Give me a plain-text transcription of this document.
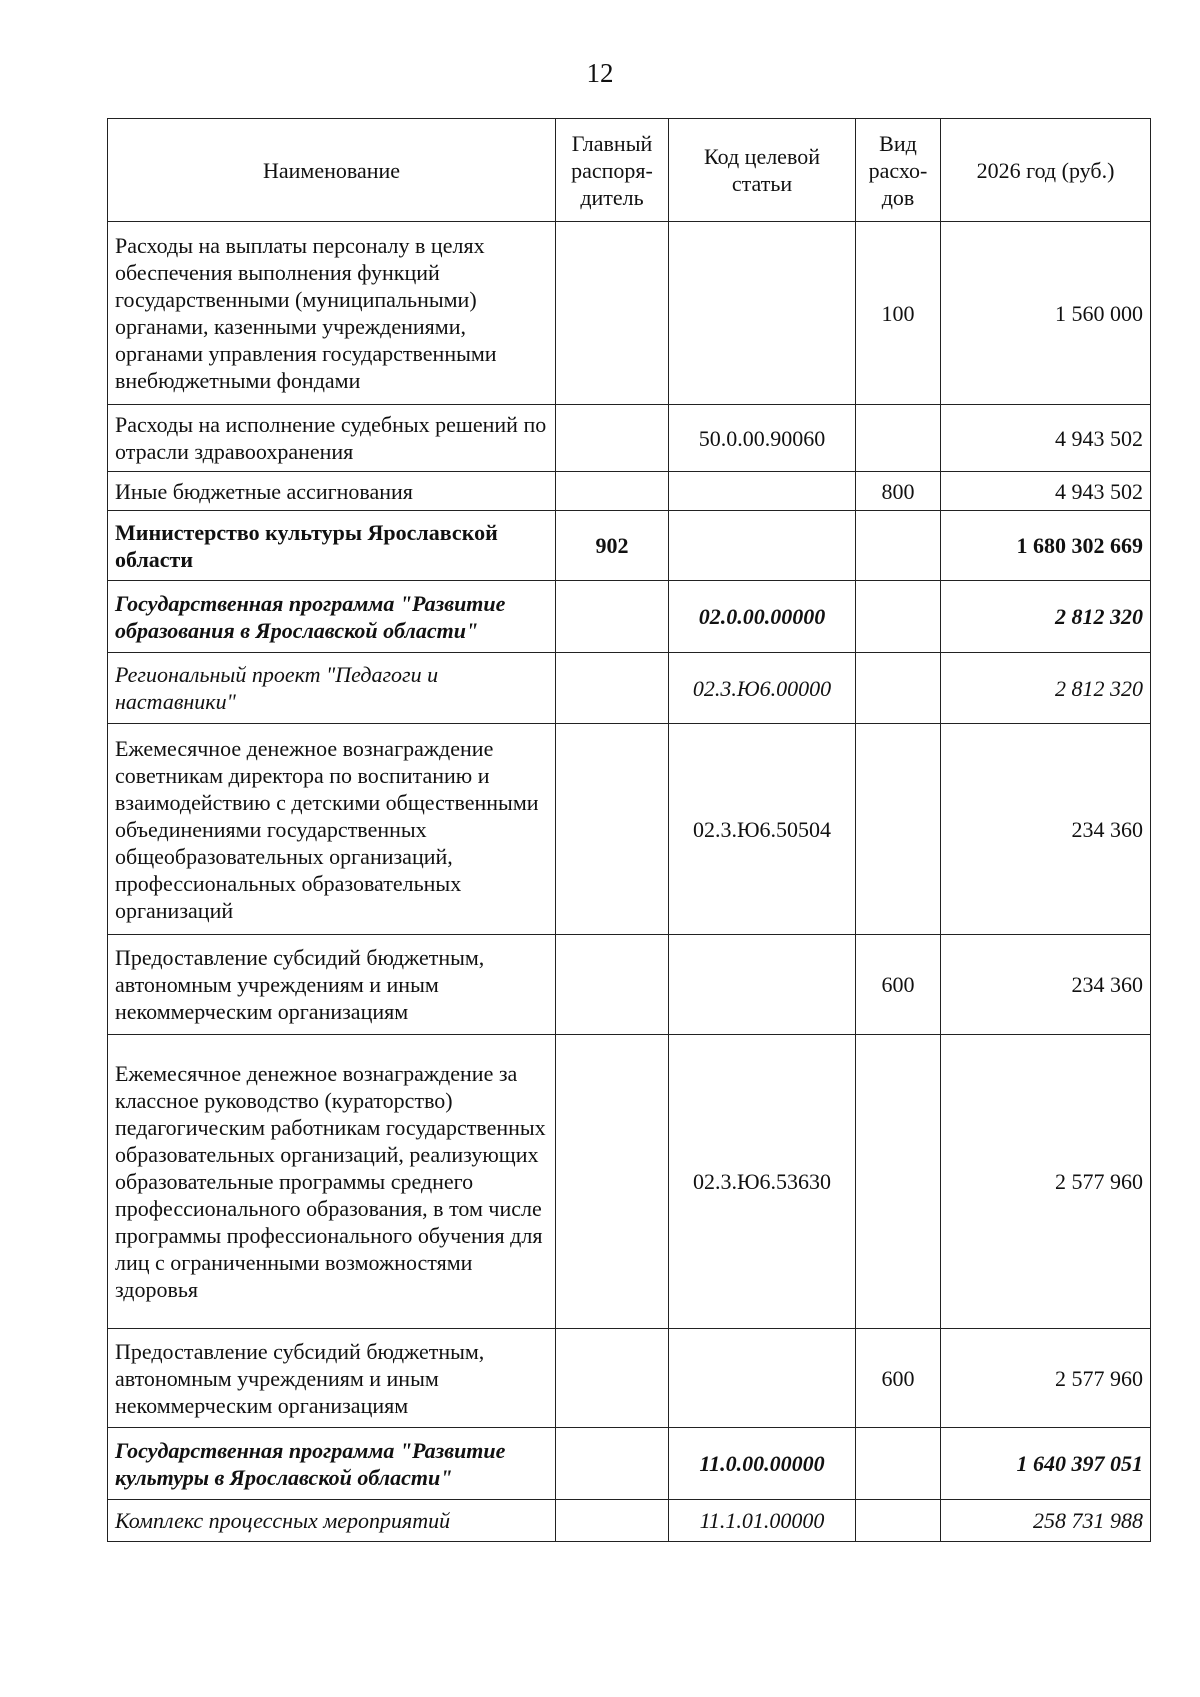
12
Наименование	Главный распоря-дитель	Код целевой статьи	Вид расхо-дов	2026 год (руб.)
Расходы на выплаты персоналу в целях обеспечения выполнения функций государственными (муниципальными) органами, казенными учреждениями, органами управления государственными внебюджетными фондами			100	1 560 000
Расходы на исполнение судебных решений по отрасли здравоохранения		50.0.00.90060		4 943 502
Иные бюджетные ассигнования			800	4 943 502
Министерство культуры Ярославской области	902			1 680 302 669
Государственная программа "Развитие образования в Ярославской области"		02.0.00.00000		2 812 320
Региональный проект "Педагоги и наставники"		02.3.Ю6.00000		2 812 320
Ежемесячное денежное вознаграждение советникам директора по воспитанию и взаимодействию с детскими общественными объединениями государственных общеобразовательных организаций, профессиональных образовательных организаций		02.3.Ю6.50504		234 360
Предоставление субсидий бюджетным, автономным учреждениям и иным некоммерческим организациям			600	234 360
Ежемесячное денежное вознаграждение за классное руководство (кураторство) педагогическим работникам государственных образовательных организаций, реализующих образовательные программы среднего профессионального образования, в том числе программы профессионального обучения для лиц с ограниченными возможностями здоровья		02.3.Ю6.53630		2 577 960
Предоставление субсидий бюджетным, автономным учреждениям и иным некоммерческим организациям			600	2 577 960
Государственная программа "Развитие культуры в Ярославской области"		11.0.00.00000		1 640 397 051
Комплекс процессных мероприятий		11.1.01.00000		258 731 988
